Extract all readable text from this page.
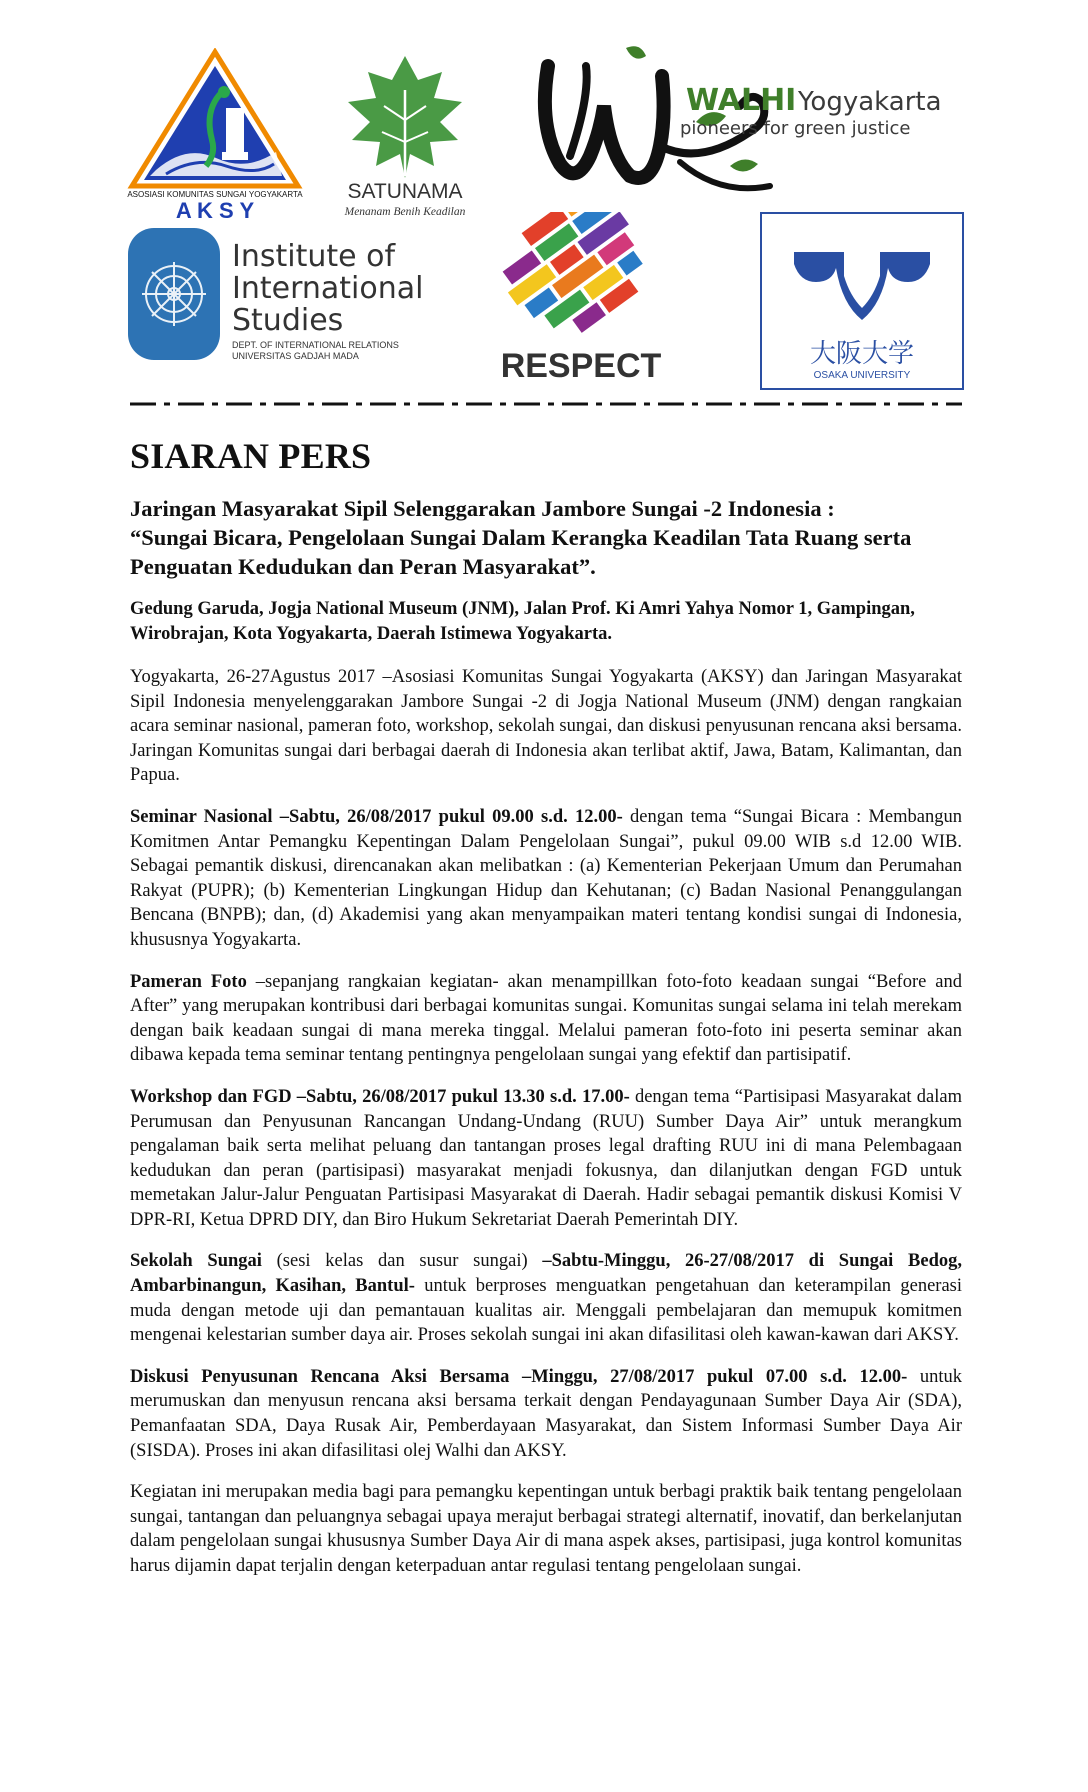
ASOSIASI KOMUNITAS SUNGAI YOGYAKARTA
A K S Y
SATUNAMA
Menanam Benih Keadilan
WALHI Yogyakarta
pioneers for green justice
Institute of
International
Studies
DEPT. OF INTERNATIONAL RELATIONS
UNIVERSITAS GADJAH MADA	RESPECT	大阪大学
OSAKA UNIVERSITY
SIARAN PERS
Jaringan Masyarakat Sipil Selenggarakan Jambore Sungai -2 Indonesia :
“Sungai Bicara, Pengelolaan Sungai Dalam Kerangka Keadilan Tata Ruang serta Penguatan Kedudukan dan Peran Masyarakat”.
Gedung Garuda, Jogja National Museum (JNM), Jalan Prof. Ki Amri Yahya Nomor 1, Gampingan, Wirobrajan, Kota Yogyakarta, Daerah Istimewa Yogyakarta.

Yogyakarta, 26-27Agustus 2017 –Asosiasi Komunitas Sungai Yogyakarta (AKSY) dan Jaringan Masyarakat Sipil Indonesia menyelenggarakan Jambore Sungai -2 di Jogja National Museum (JNM) dengan rangkaian acara seminar nasional, pameran foto, workshop, sekolah sungai, dan diskusi penyusunan rencana aksi bersama. Jaringan Komunitas sungai dari berbagai daerah di Indonesia akan terlibat aktif, Jawa, Batam, Kalimantan, dan Papua.

Seminar Nasional –Sabtu, 26/08/2017 pukul 09.00 s.d. 12.00- dengan tema “Sungai Bicara : Membangun Komitmen Antar Pemangku Kepentingan Dalam Pengelolaan Sungai”, pukul 09.00 WIB s.d 12.00 WIB. Sebagai pemantik diskusi, direncanakan akan melibatkan : (a) Kementerian Pekerjaan Umum dan Perumahan Rakyat (PUPR); (b) Kementerian Lingkungan Hidup dan Kehutanan; (c) Badan Nasional Penanggulangan Bencana (BNPB); dan, (d) Akademisi yang akan menyampaikan materi tentang kondisi sungai di Indonesia, khususnya Yogyakarta.

Pameran Foto –sepanjang rangkaian kegiatan- akan menampillkan foto-foto keadaan sungai “Before and After” yang merupakan kontribusi dari berbagai komunitas sungai. Komunitas sungai selama ini telah merekam dengan baik keadaan sungai di mana mereka tinggal. Melalui pameran foto-foto ini peserta seminar akan dibawa kepada tema seminar tentang pentingnya pengelolaan sungai yang efektif dan partisipatif.

Workshop dan FGD –Sabtu, 26/08/2017 pukul 13.30 s.d. 17.00- dengan tema “Partisipasi Masyarakat dalam Perumusan dan Penyusunan Rancangan Undang-Undang (RUU) Sumber Daya Air” untuk merangkum pengalaman baik serta melihat peluang dan tantangan proses legal drafting RUU ini di mana Pelembagaan kedudukan dan peran (partisipasi) masyarakat menjadi fokusnya, dan dilanjutkan dengan FGD untuk memetakan Jalur-Jalur Penguatan Partisipasi Masyarakat di Daerah. Hadir sebagai pemantik diskusi Komisi V DPR-RI, Ketua DPRD DIY, dan Biro Hukum Sekretariat Daerah Pemerintah DIY.

Sekolah Sungai (sesi kelas dan susur sungai) –Sabtu-Minggu, 26-27/08/2017 di Sungai Bedog, Ambarbinangun, Kasihan, Bantul- untuk berproses menguatkan pengetahuan dan keterampilan generasi muda dengan metode uji dan pemantauan kualitas air. Menggali pembelajaran dan memupuk komitmen mengenai kelestarian sumber daya air. Proses sekolah sungai ini akan difasilitasi oleh kawan-kawan dari AKSY.

Diskusi Penyusunan Rencana Aksi Bersama –Minggu, 27/08/2017 pukul 07.00 s.d. 12.00- untuk merumuskan dan menyusun rencana aksi bersama terkait dengan Pendayagunaan Sumber Daya Air (SDA), Pemanfaatan SDA, Daya Rusak Air, Pemberdayaan Masyarakat, dan Sistem Informasi Sumber Daya Air (SISDA). Proses ini akan difasilitasi olej Walhi dan AKSY.

Kegiatan ini merupakan media bagi para pemangku kepentingan untuk berbagi praktik baik tentang pengelolaan sungai, tantangan dan peluangnya sebagai upaya merajut berbagai strategi alternatif, inovatif, dan berkelanjutan dalam pengelolaan sungai khususnya Sumber Daya Air di mana aspek akses, partisipasi, juga kontrol komunitas harus dijamin dapat terjalin dengan keterpaduan antar regulasi tentang pengelolaan sungai.
